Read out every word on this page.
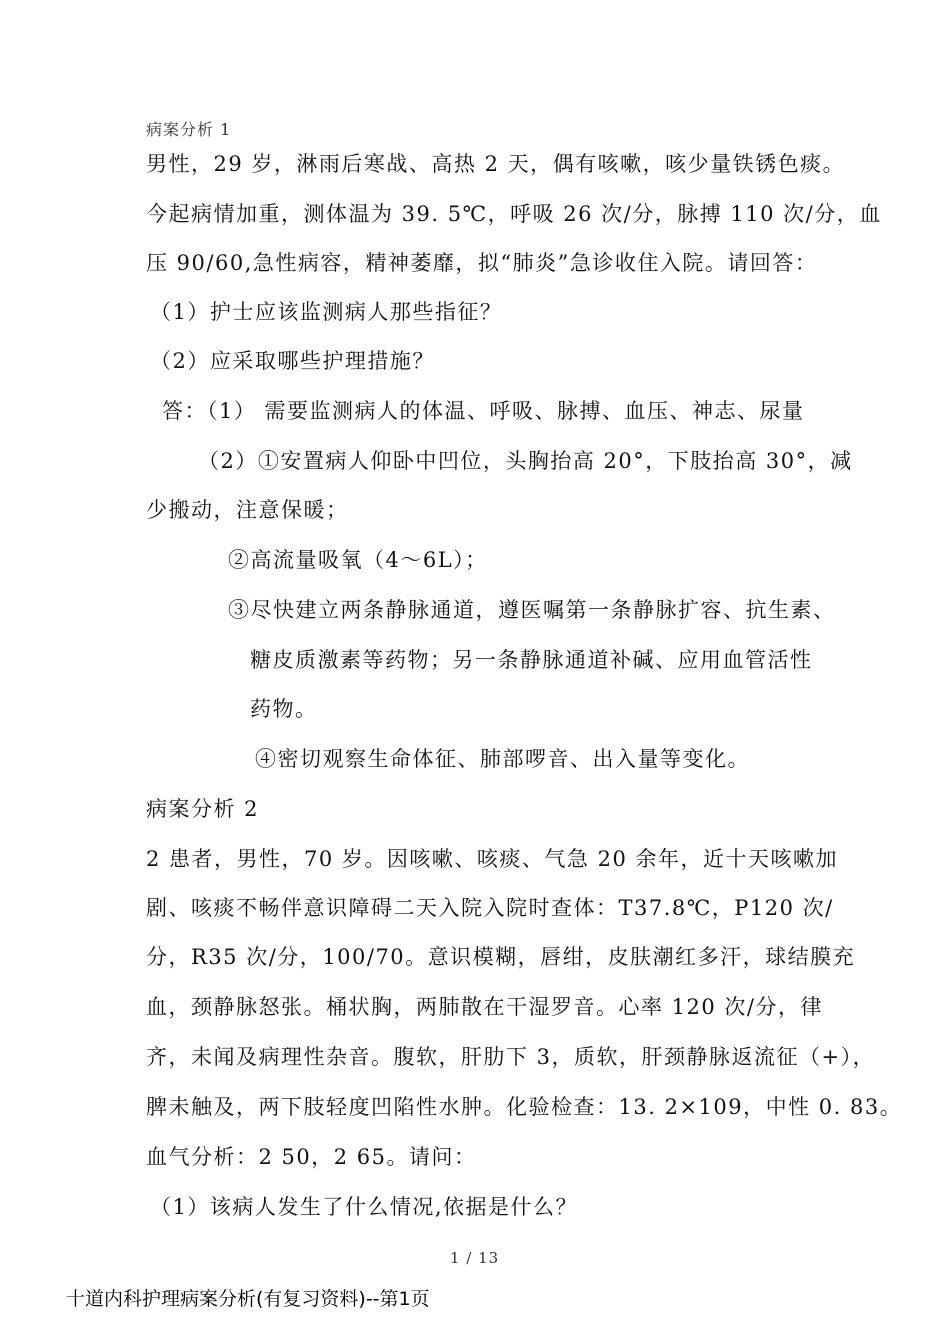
病案分析 1
男性，29 岁，淋雨后寒战、高热 2 天，偶有咳嗽，咳少量铁锈色痰。
今起病情加重，测体温为 39. 5℃，呼吸 26 次/分，脉搏 110 次/分，血
压 90/60,急性病容，精神萎靡，拟“肺炎”急诊收住入院。请回答：
（1）护士应该监测病人那些指征？
（2）应采取哪些护理措施？
答：（1） 需要监测病人的体温、呼吸、脉搏、血压、神志、尿量
（2）①安置病人仰卧中凹位，头胸抬高 20°，下肢抬高 30°，减
少搬动，注意保暖；
②高流量吸氧（4～6L）；
③尽快建立两条静脉通道，遵医嘱第一条静脉扩容、抗生素、
糖皮质激素等药物；另一条静脉通道补碱、应用血管活性
药物。
④密切观察生命体征、肺部啰音、出入量等变化。
病案分析 2
2 患者，男性，70 岁。因咳嗽、咳痰、气急 20 余年，近十天咳嗽加
剧、咳痰不畅伴意识障碍二天入院入院时查体：T37.8℃，P120 次/
分，R35 次/分，100/70。意识模糊，唇绀，皮肤潮红多汗，球结膜充
血，颈静脉怒张。桶状胸，两肺散在干湿罗音。心率 120 次/分，律
齐，未闻及病理性杂音。腹软，肝肋下 3，质软，肝颈静脉返流征（+），
脾未触及，两下肢轻度凹陷性水肿。化验检查：13. 2×109，中性 0. 83。
血气分析：2 50，2 65。请问：
（1）该病人发生了什么情况,依据是什么？
1 / 13
十道内科护理病案分析(有复习资料)--第1页
